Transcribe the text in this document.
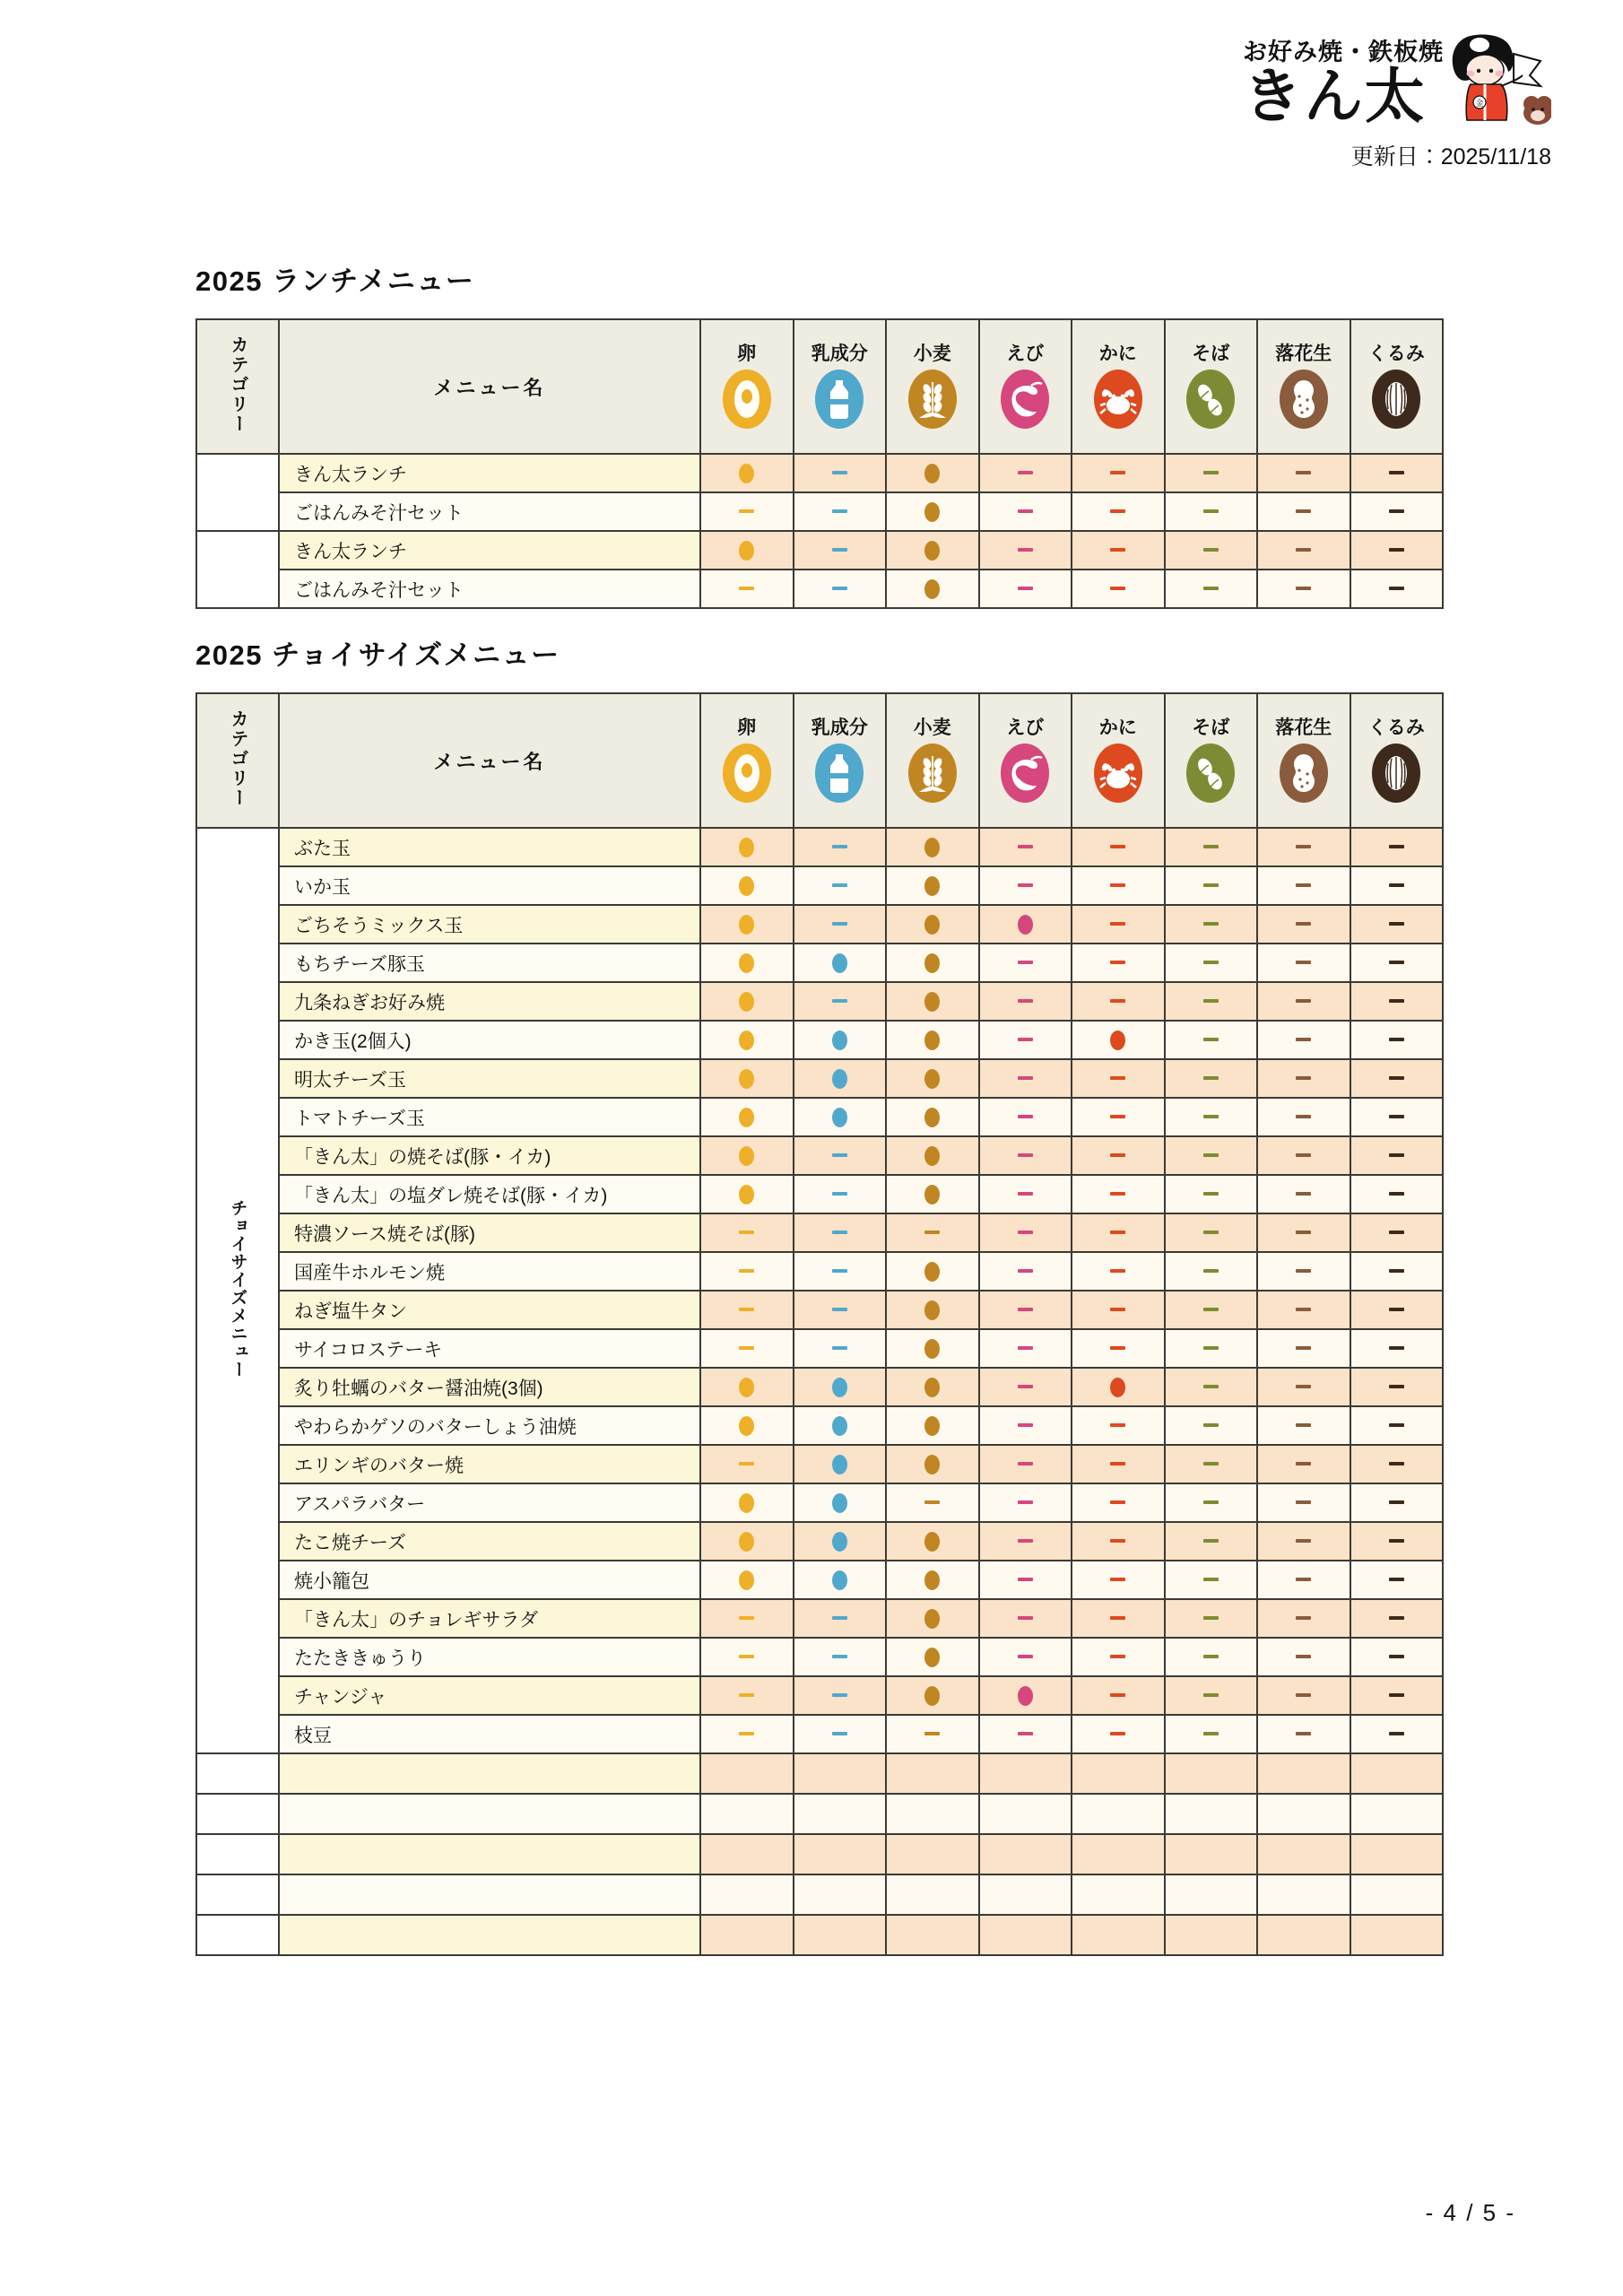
お好み焼・鉄板焼
きん太	金
更新日：2025/11/18
2025 ランチメニュー
カテゴリー	メニュー名	卵	乳成分	小麦	えび	かに	そば	落花生	くるみ

	きん太ランチ								
	ごはんみそ汁セット								
	きん太ランチ								
	ごはんみそ汁セット								
2025 チョイサイズメニュー
カテゴリー	メニュー名	卵	乳成分	小麦	えび	かに	そば	落花生	くるみ

チョイサイズメニュー	ぶた玉								
	いか玉								
	ごちそうミックス玉								
	もちチーズ豚玉								
	九条ねぎお好み焼								
	かき玉(2個入)								
	明太チーズ玉								
	トマトチーズ玉								
	「きん太」の焼そば(豚・イカ)								
	「きん太」の塩ダレ焼そば(豚・イカ)								
	特濃ソース焼そば(豚)								
	国産牛ホルモン焼								
	ねぎ塩牛タン								
	サイコロステーキ								
	炙り牡蠣のバター醤油焼(3個)								
	やわらかゲソのバターしょう油焼								
	エリンギのバター焼								
	アスパラバター								
	たこ焼チーズ								
	焼小籠包								
	「きん太」のチョレギサラダ								
	たたききゅうり								
	チャンジャ								
	枝豆								

- 4 / 5 -
